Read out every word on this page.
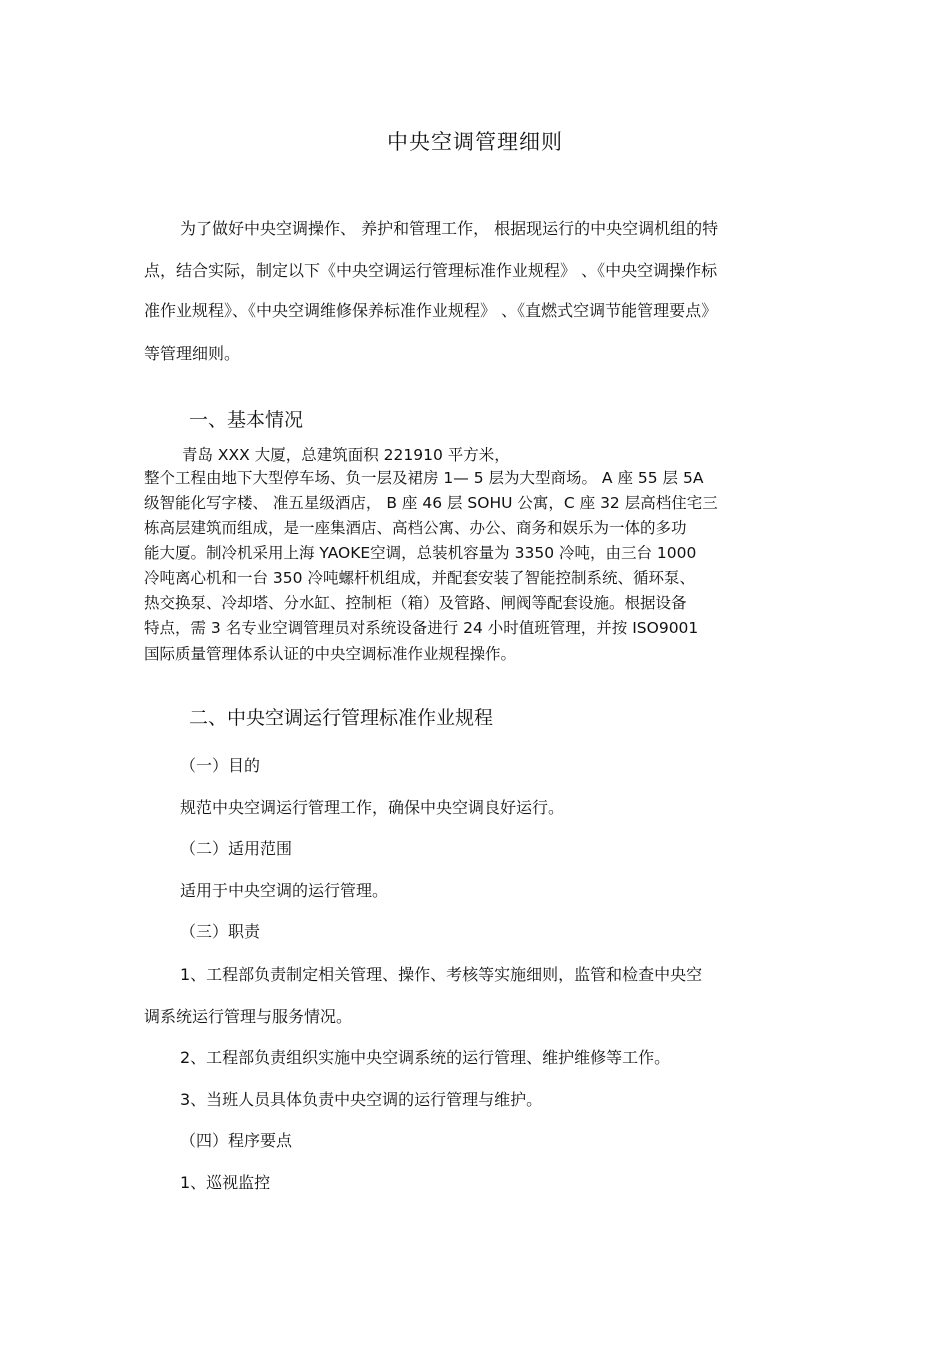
中央空调管理细则
为了做好中央空调操作、 养护和管理工作， 根据现运行的中央空调机组的特
点，结合实际，制定以下《中央空调运行管理标准作业规程》 、《中央空调操作标
准作业规程》、《中央空调维修保养标准作业规程》 、《直燃式空调节能管理要点》
等管理细则。
一、基本情况
青岛 XXX 大厦，总建筑面积 221910 平方米，
整个工程由地下大型停车场、负一层及裙房 1— 5 层为大型商场。 A 座 55 层 5A
级智能化写字楼、 准五星级酒店， B 座 46 层 SOHU 公寓，C 座 32 层高档住宅三
栋高层建筑而组成，是一座集酒店、高档公寓、办公、商务和娱乐为一体的多功
能大厦。制冷机采用上海 YAOKE空调，总装机容量为 3350 冷吨，由三台 1000
冷吨离心机和一台 350 冷吨螺杆机组成，并配套安装了智能控制系统、循环泵、
热交换泵、冷却塔、分水缸、控制柜（箱）及管路、闸阀等配套设施。根据设备
特点，需 3 名专业空调管理员对系统设备进行 24 小时值班管理，并按 ISO9001
国际质量管理体系认证的中央空调标准作业规程操作。
二、中央空调运行管理标准作业规程
（一）目的
规范中央空调运行管理工作，确保中央空调良好运行。
（二）适用范围
适用于中央空调的运行管理。
（三）职责
1、工程部负责制定相关管理、操作、考核等实施细则，监管和检查中央空
调系统运行管理与服务情况。
2、工程部负责组织实施中央空调系统的运行管理、维护维修等工作。
3、当班人员具体负责中央空调的运行管理与维护。
（四）程序要点
1、巡视监控
